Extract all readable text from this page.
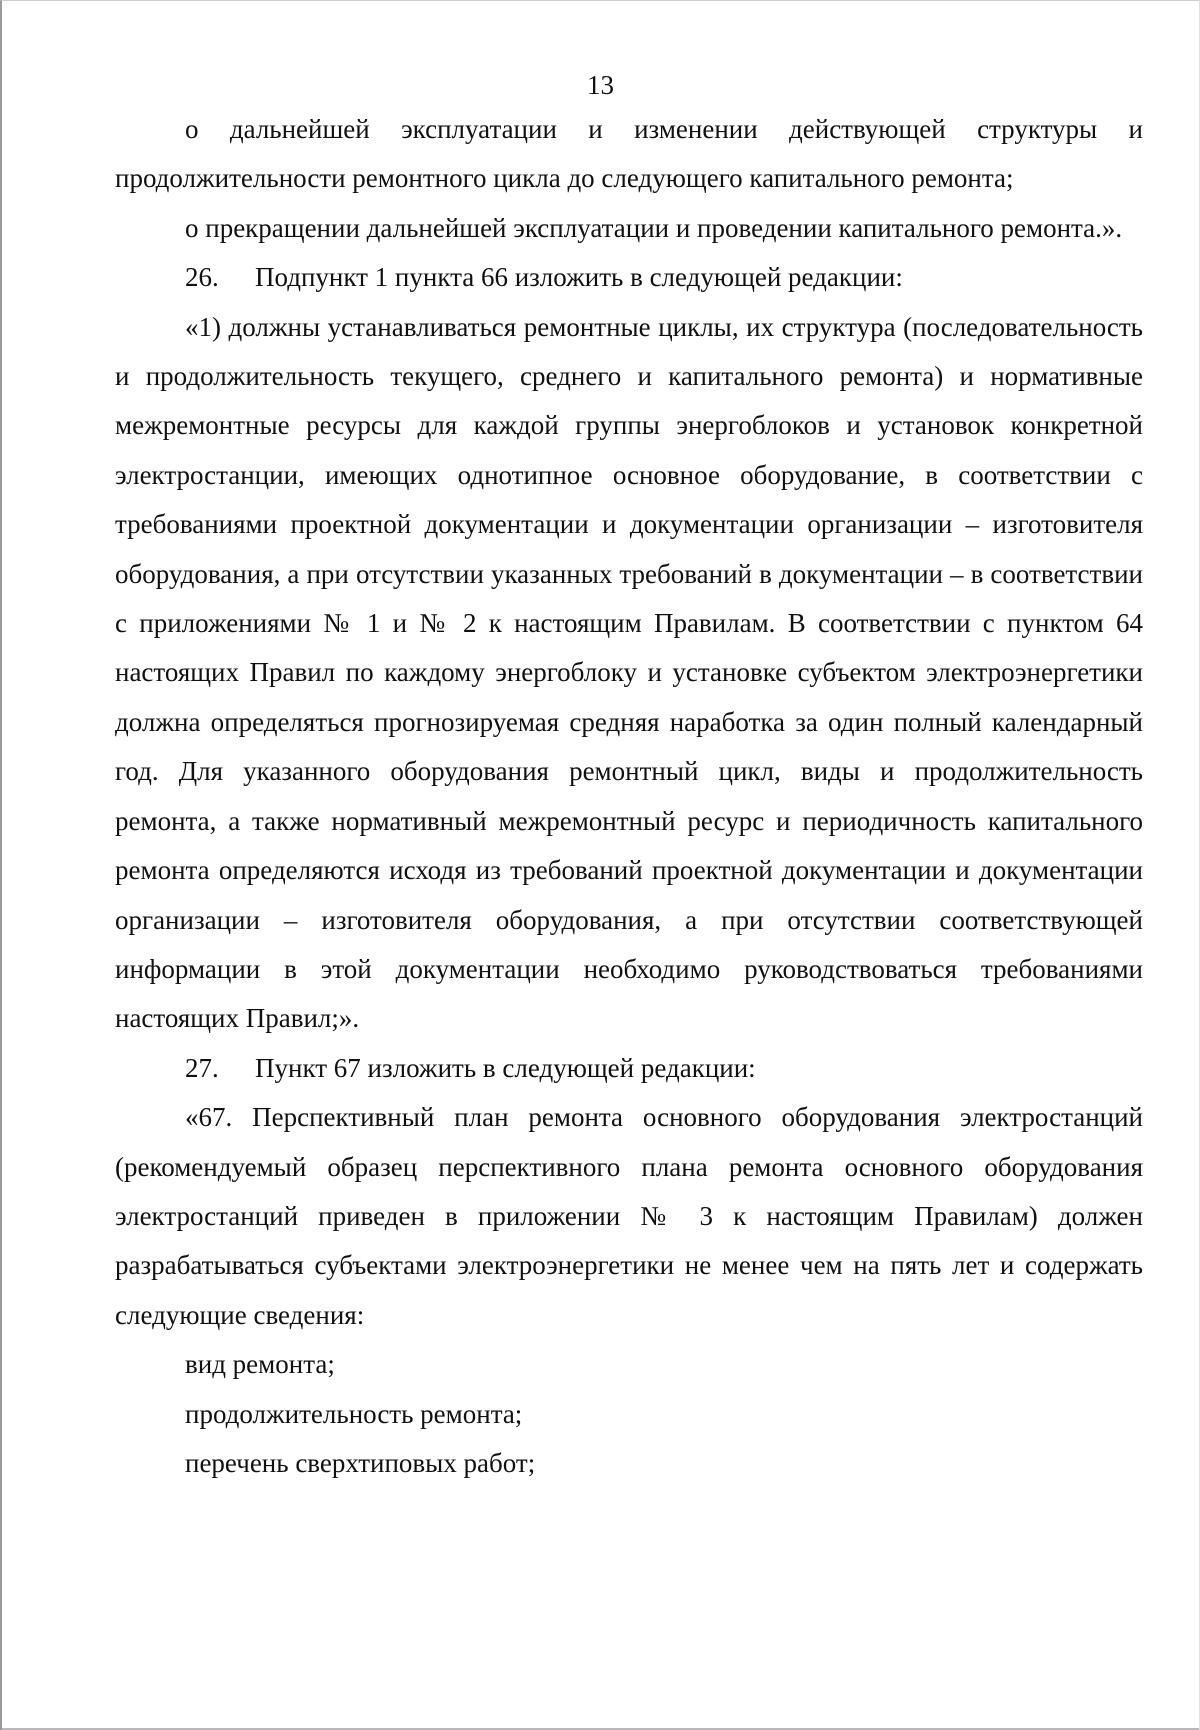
13

о дальнейшей эксплуатации и изменении действующей структуры и продолжительности ремонтного цикла до следующего капитального ремонта;

о прекращении дальнейшей эксплуатации и проведении капитального ремонта.».

26. Подпункт 1 пункта 66 изложить в следующей редакции:

«1) должны устанавливаться ремонтные циклы, их структура (последовательность и продолжительность текущего, среднего и капитального ремонта) и нормативные межремонтные ресурсы для каждой группы энергоблоков и установок конкретной электростанции, имеющих однотипное основное оборудование, в соответствии с требованиями проектной документации и документации организации – изготовителя оборудования, а при отсутствии указанных требований в документации – в соответствии с приложениями № 1 и № 2 к настоящим Правилам. В соответствии с пунктом 64 настоящих Правил по каждому энергоблоку и установке субъектом электроэнергетики должна определяться прогнозируемая средняя наработка за один полный календарный год. Для указанного оборудования ремонтный цикл, виды и продолжительность ремонта, а также нормативный межремонтный ресурс и периодичность капитального ремонта определяются исходя из требований проектной документации и документации организации – изготовителя оборудования, а при отсутствии соответствующей информации в этой документации необходимо руководствоваться требованиями настоящих Правил;».

27. Пункт 67 изложить в следующей редакции:

«67. Перспективный план ремонта основного оборудования электростанций (рекомендуемый образец перспективного плана ремонта основного оборудования электростанций приведен в приложении № 3 к настоящим Правилам) должен разрабатываться субъектами электроэнергетики не менее чем на пять лет и содержать следующие сведения:

вид ремонта;

продолжительность ремонта;

перечень сверхтиповых работ;
